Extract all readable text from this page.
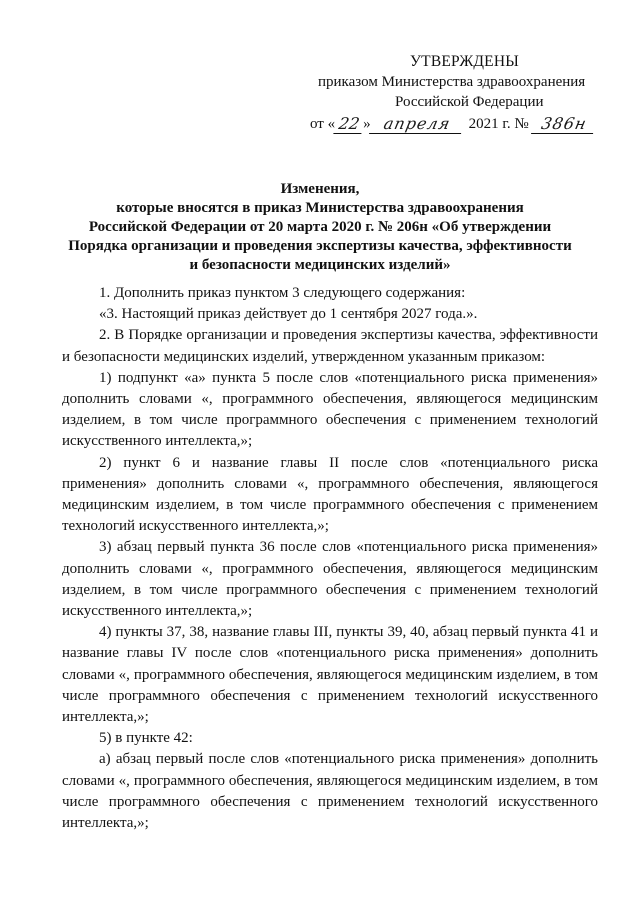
УТВЕРЖДЕНЫ
приказом Министерства здравоохранения
Российской Федерации
от « 22 » апреля	2021 г. № 386н
Изменения,
которые вносятся в приказ Министерства здравоохранения
Российской Федерации от 20 марта 2020 г. № 206н «Об утверждении
Порядка организации и проведения экспертизы качества, эффективности
и безопасности медицинских изделий»

1. Дополнить приказ пунктом 3 следующего содержания:

«3. Настоящий приказ действует до 1 сентября 2027 года.».

2. В Порядке организации и проведения экспертизы качества, эффективности и безопасности медицинских изделий, утвержденном указанным приказом:

1) подпункт «а» пункта 5 после слов «потенциального риска применения» дополнить словами «, программного обеспечения, являющегося медицинским изделием, в том числе программного обеспечения с применением технологий искусственного интеллекта,»;

2) пункт 6 и название главы II после слов «потенциального риска применения» дополнить словами «, программного обеспечения, являющегося медицинским изделием, в том числе программного обеспечения с применением технологий искусственного интеллекта,»;

3) абзац первый пункта 36 после слов «потенциального риска применения» дополнить словами «, программного обеспечения, являющегося медицинским изделием, в том числе программного обеспечения с применением технологий искусственного интеллекта,»;

4) пункты 37, 38, название главы III, пункты 39, 40, абзац первый пункта 41 и название главы IV после слов «потенциального риска применения» дополнить словами «, программного обеспечения, являющегося медицинским изделием, в том числе программного обеспечения с применением технологий искусственного интеллекта,»;

5) в пункте 42:

а) абзац первый после слов «потенциального риска применения» дополнить словами «, программного обеспечения, являющегося медицинским изделием, в том числе программного обеспечения с применением технологий искусственного интеллекта,»;
